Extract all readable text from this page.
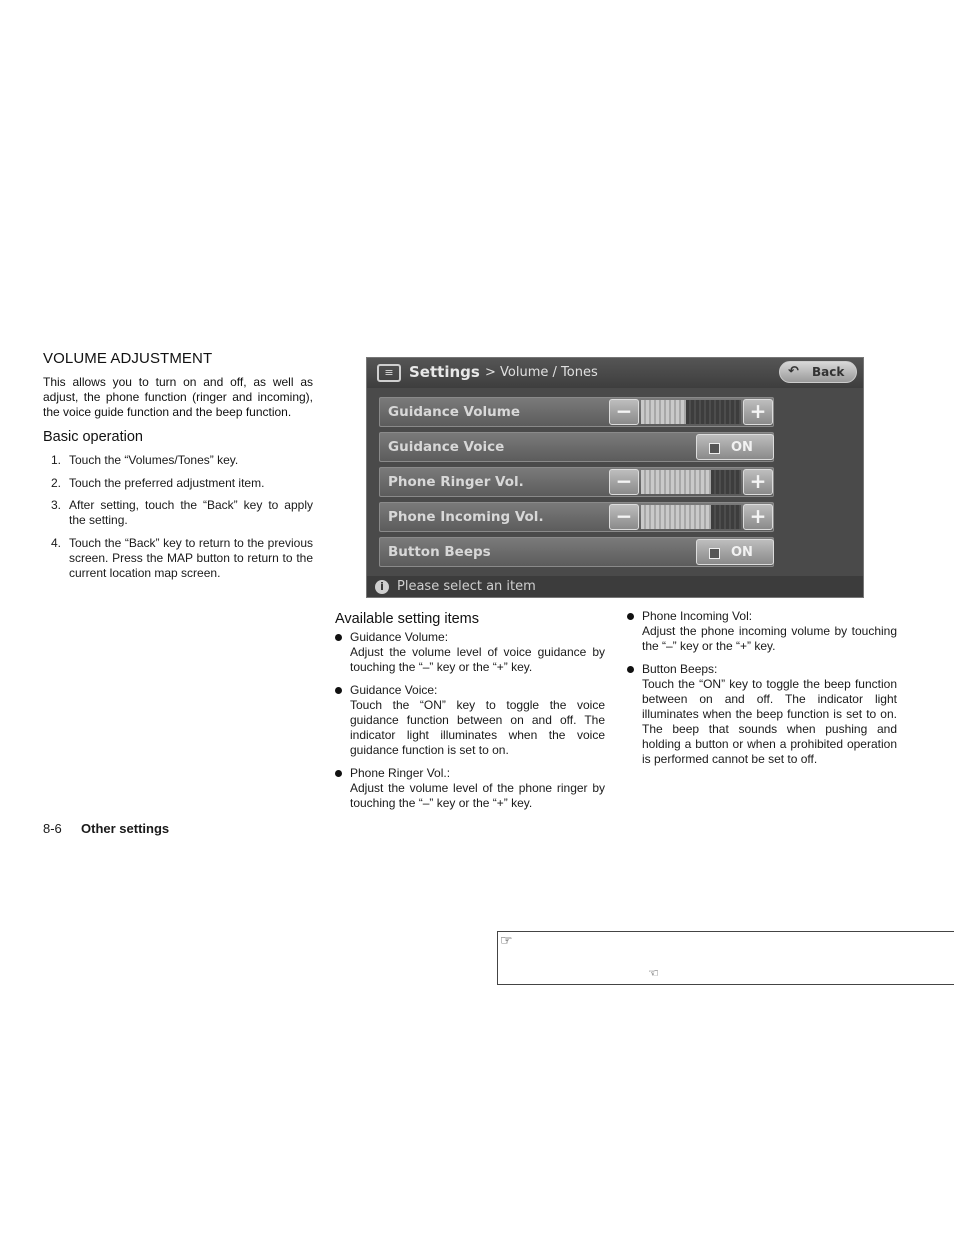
VOLUME ADJUSTMENT
This allows you to turn on and off, as well as adjust, the phone function (ringer and incoming), the voice guide function and the beep function.
Basic operation
1. Touch the “Volumes/Tones” key.
2. Touch the preferred adjustment item.
3. After setting, touch the “Back” key to apply the setting.
4. Touch the “Back” key to return to the previous screen. Press the MAP button to return to the current location map screen.
≡	Settings > Volume / Tones	↶ Back
Guidance Volume	−	+
Guidance Voice	ON
Phone Ringer Vol.	−	+
Phone Incoming Vol.	−	+
Button Beeps	ON
i	Please select an item
Available setting items
Guidance Volume:
Adjust the volume level of voice guidance by touching the “–” key or the “+” key.
Guidance Voice:
Touch the “ON” key to toggle the voice guidance function between on and off. The indicator light illuminates when the voice guidance function is set to on.
Phone Ringer Vol.:
Adjust the volume level of the phone ringer by touching the “–” key or the “+” key.
Phone Incoming Vol:
Adjust the phone incoming volume by touching the “–” key or the “+” key.
Button Beeps:
Touch the “ON” key to toggle the beep function between on and off. The indicator light illuminates when the beep function is set to on. The beep that sounds when pushing and holding a button or when a prohibited operation is performed cannot be set to off.
8-6 Other settings
☞
☜
